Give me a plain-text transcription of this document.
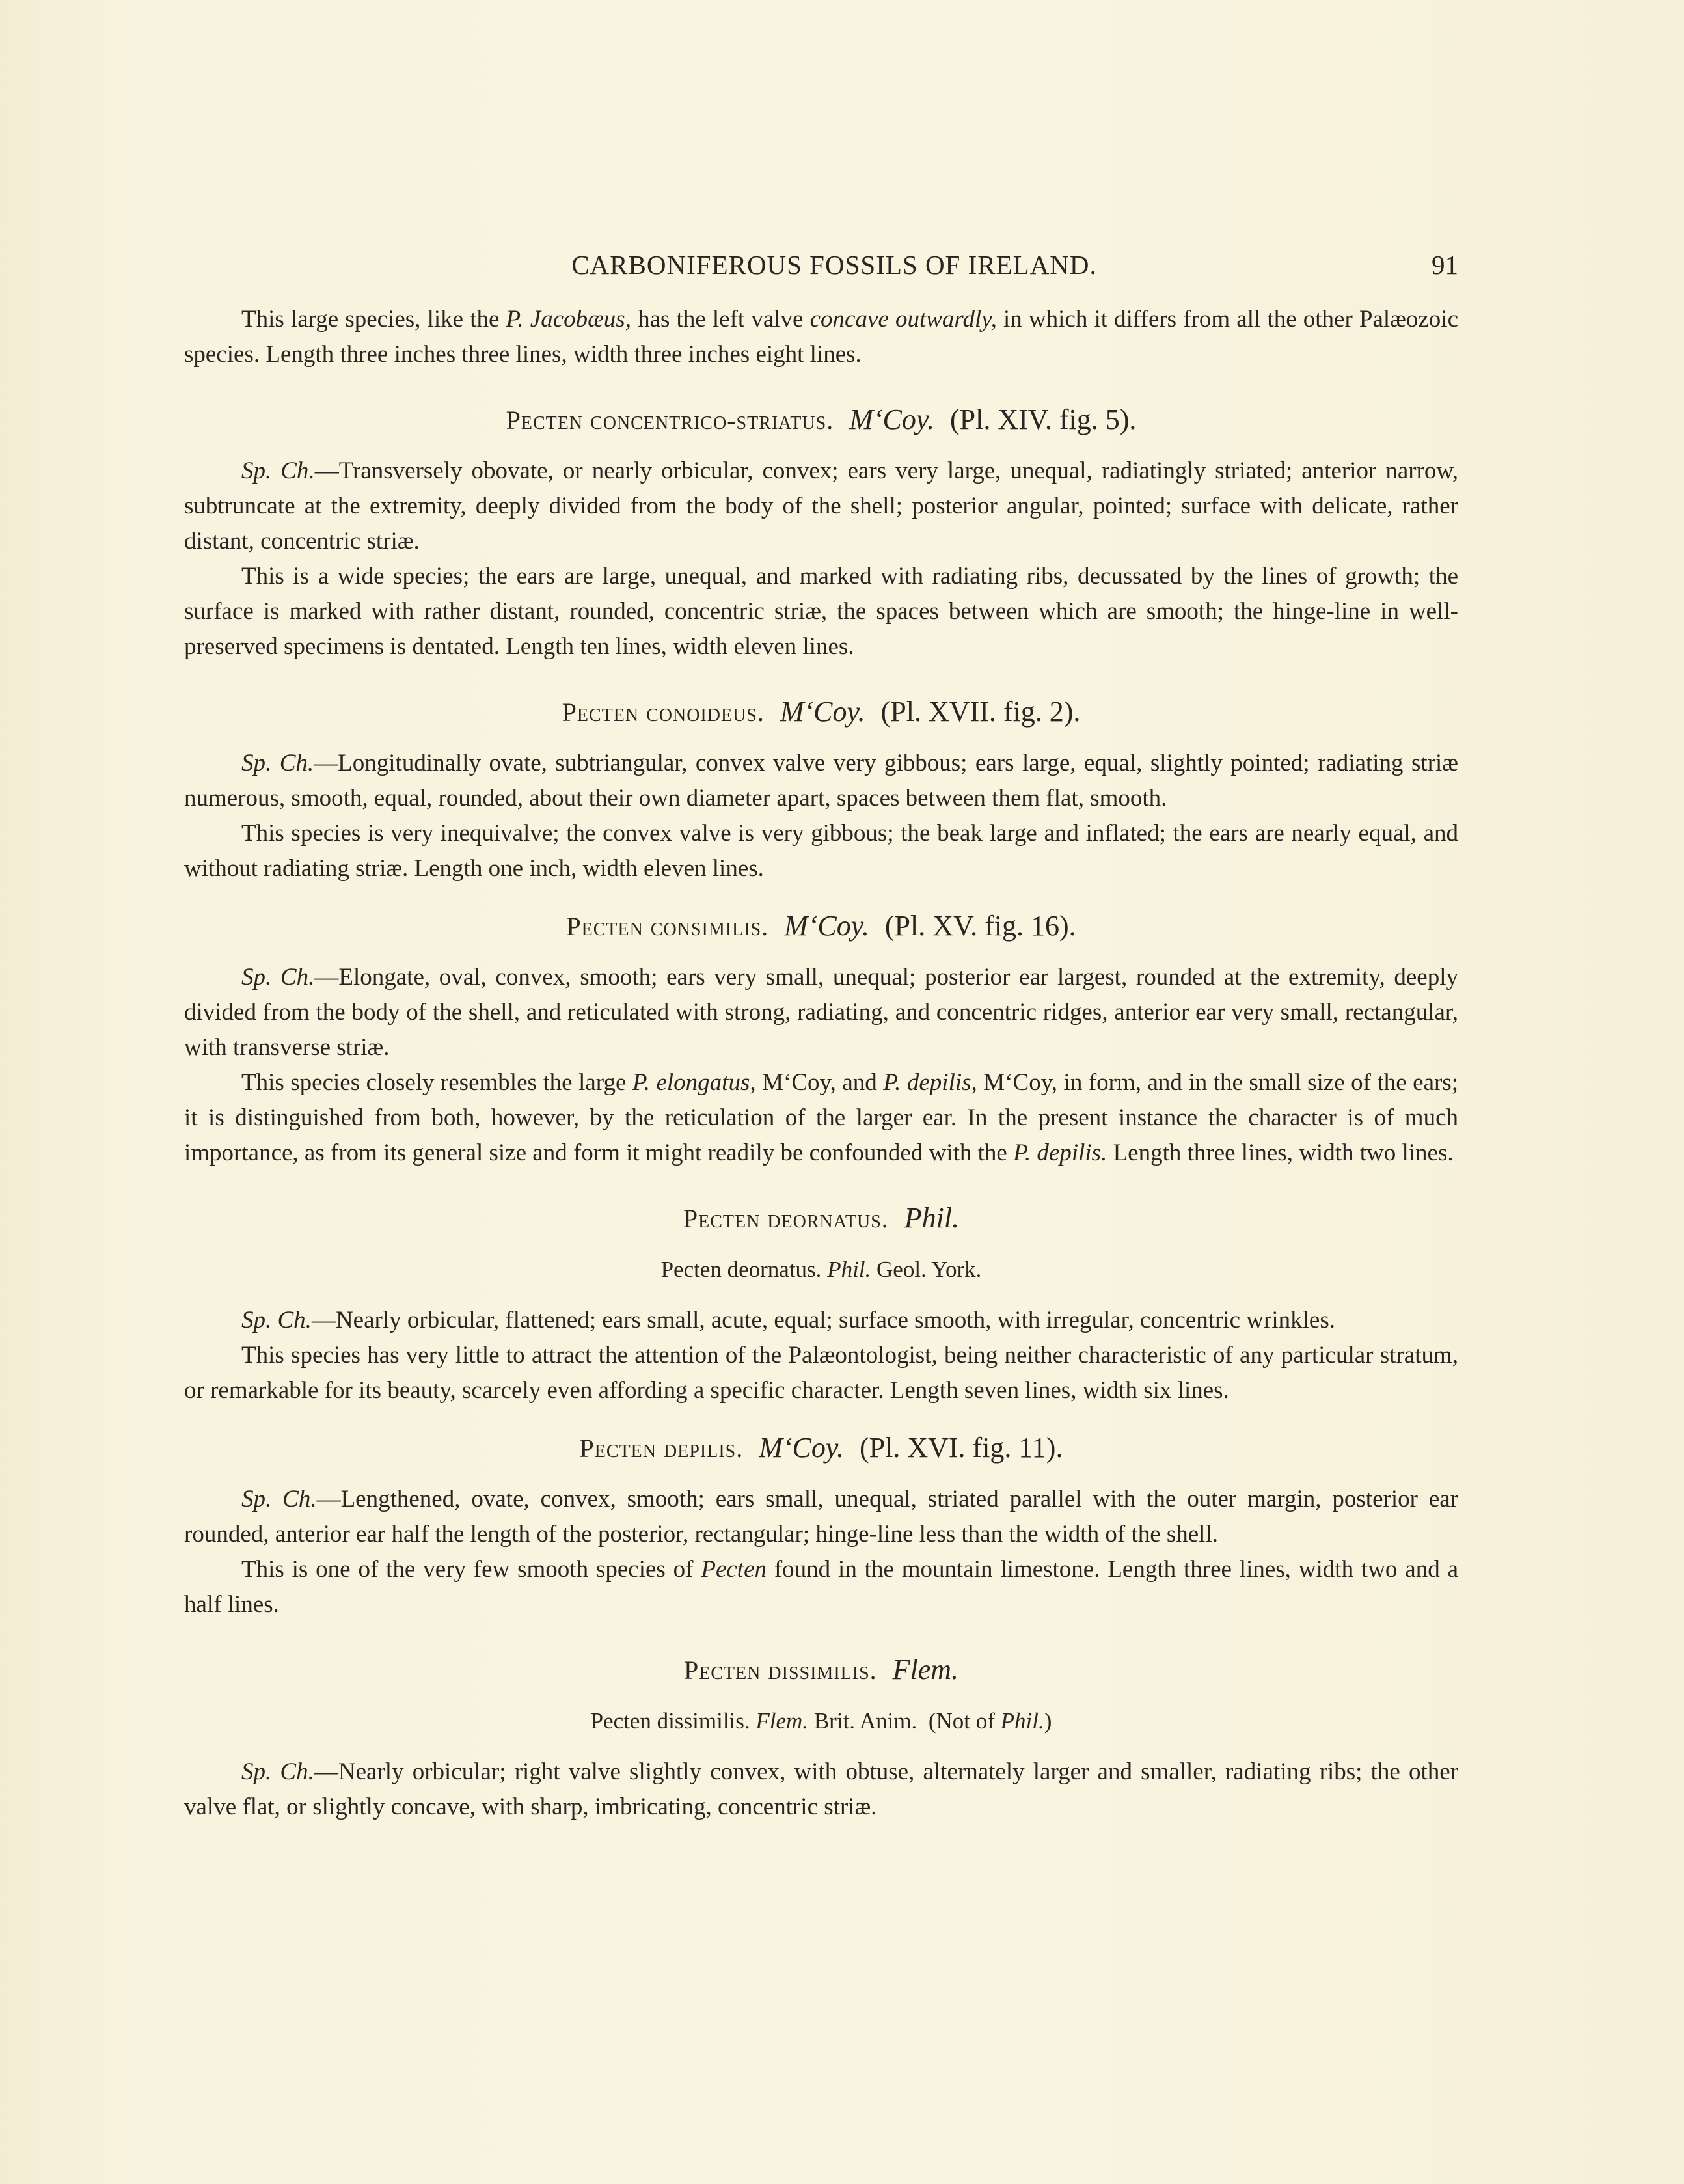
CARBONIFEROUS FOSSILS OF IRELAND.	91

This large species, like the P. Jacobæus, has the left valve concave outwardly, in which it differs from all the other Palæozoic species. Length three inches three lines, width three inches eight lines.

Pecten concentrico-striatus. M‘Coy. (Pl. XIV. fig. 5).

Sp. Ch.—Transversely obovate, or nearly orbicular, convex; ears very large, unequal, radiatingly striated; anterior narrow, subtruncate at the extremity, deeply divided from the body of the shell; posterior angular, pointed; surface with delicate, rather distant, concentric striæ.

This is a wide species; the ears are large, unequal, and marked with radiating ribs, decussated by the lines of growth; the surface is marked with rather distant, rounded, concentric striæ, the spaces between which are smooth; the hinge-line in well-preserved specimens is dentated. Length ten lines, width eleven lines.

Pecten conoideus. M‘Coy. (Pl. XVII. fig. 2).

Sp. Ch.—Longitudinally ovate, subtriangular, convex valve very gibbous; ears large, equal, slightly pointed; radiating striæ numerous, smooth, equal, rounded, about their own diameter apart, spaces between them flat, smooth.

This species is very inequivalve; the convex valve is very gibbous; the beak large and inflated; the ears are nearly equal, and without radiating striæ. Length one inch, width eleven lines.

Pecten consimilis. M‘Coy. (Pl. XV. fig. 16).

Sp. Ch.—Elongate, oval, convex, smooth; ears very small, unequal; posterior ear largest, rounded at the extremity, deeply divided from the body of the shell, and reticulated with strong, radiating, and concentric ridges, anterior ear very small, rectangular, with transverse striæ.

This species closely resembles the large P. elongatus, M‘Coy, and P. depilis, M‘Coy, in form, and in the small size of the ears; it is distinguished from both, however, by the reticulation of the larger ear. In the present instance the character is of much importance, as from its general size and form it might readily be confounded with the P. depilis. Length three lines, width two lines.

Pecten deornatus. Phil.
Pecten deornatus. Phil. Geol. York.

Sp. Ch.—Nearly orbicular, flattened; ears small, acute, equal; surface smooth, with irregular, concentric wrinkles.

This species has very little to attract the attention of the Palæontologist, being neither characteristic of any particular stratum, or remarkable for its beauty, scarcely even affording a specific character. Length seven lines, width six lines.

Pecten depilis. M‘Coy. (Pl. XVI. fig. 11).

Sp. Ch.—Lengthened, ovate, convex, smooth; ears small, unequal, striated parallel with the outer margin, posterior ear rounded, anterior ear half the length of the posterior, rectangular; hinge-line less than the width of the shell.

This is one of the very few smooth species of Pecten found in the mountain limestone. Length three lines, width two and a half lines.

Pecten dissimilis. Flem.
Pecten dissimilis. Flem. Brit. Anim. (Not of Phil.)

Sp. Ch.—Nearly orbicular; right valve slightly convex, with obtuse, alternately larger and smaller, radiating ribs; the other valve flat, or slightly concave, with sharp, imbricating, concentric striæ.
